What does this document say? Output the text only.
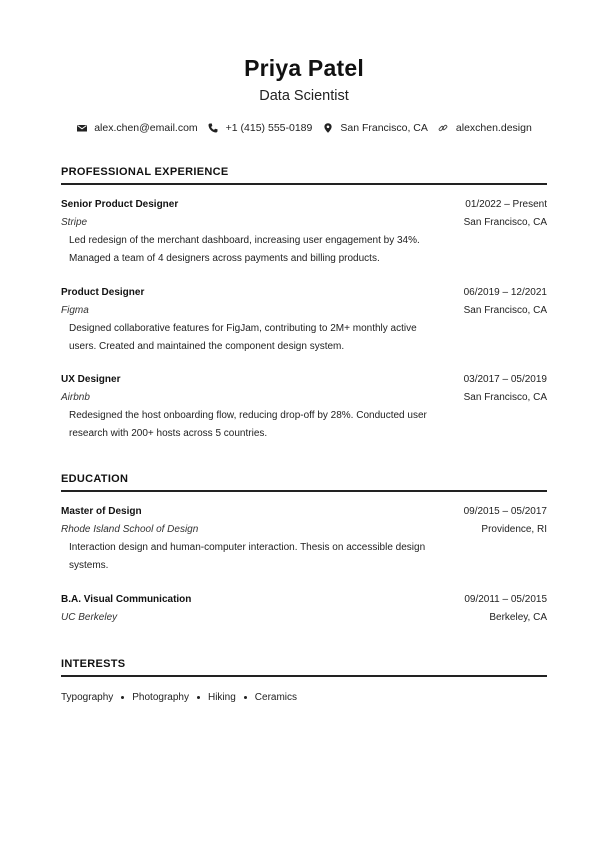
Priya Patel
Data Scientist
alex.chen@email.com	+1 (415) 555-0189	San Francisco, CA	alexchen.design
PROFESSIONAL EXPERIENCE
Senior Product Designer	01/2022 – Present
Stripe	San Francisco, CA
Led redesign of the merchant dashboard, increasing user engagement by 34%.
Managed a team of 4 designers across payments and billing products.
Product Designer	06/2019 – 12/2021
Figma	San Francisco, CA
Designed collaborative features for FigJam, contributing to 2M+ monthly active
users. Created and maintained the component design system.
UX Designer	03/2017 – 05/2019
Airbnb	San Francisco, CA
Redesigned the host onboarding flow, reducing drop-off by 28%. Conducted user
research with 200+ hosts across 5 countries.
EDUCATION
Master of Design	09/2015 – 05/2017
Rhode Island School of Design	Providence, RI
Interaction design and human-computer interaction. Thesis on accessible design
systems.
B.A. Visual Communication	09/2011 – 05/2015
UC Berkeley	Berkeley, CA
INTERESTS
Typography Photography Hiking Ceramics
